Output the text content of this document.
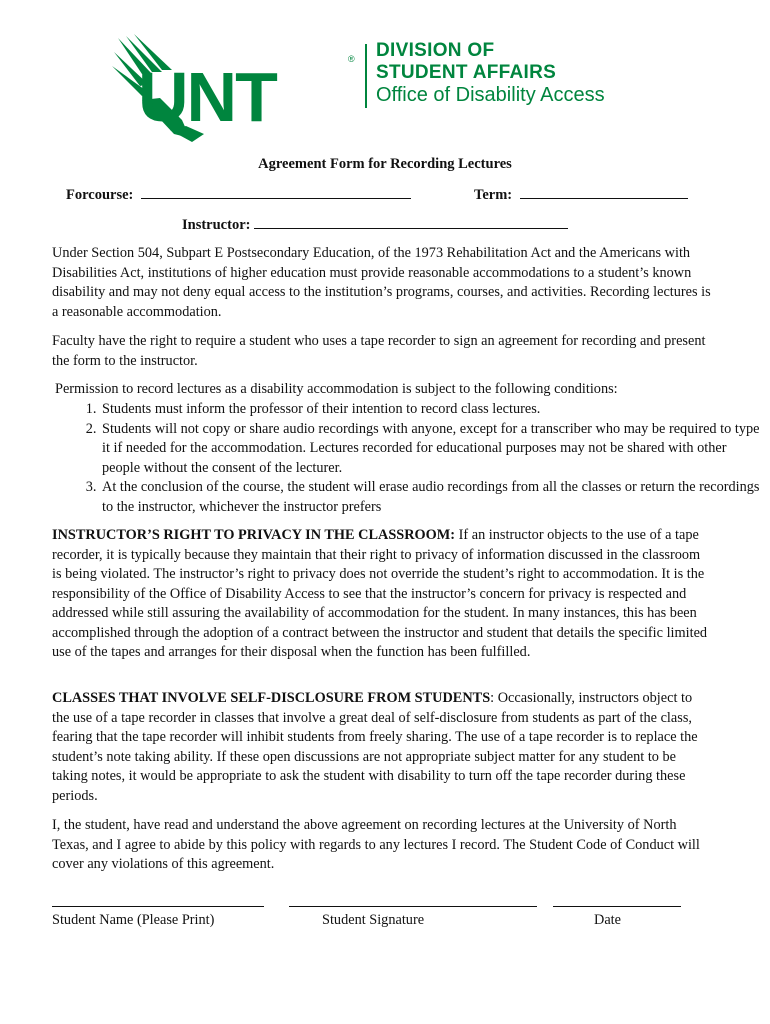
UNT	® DIVISION OF
STUDENT AFFAIRS
Office of Disability Access
Agreement Form for Recording Lectures
Forcourse:	Term:
Instructor:

Under Section 504, Subpart E Postsecondary Education, of the 1973 Rehabilitation Act and the Americans with Disabilities Act, institutions of higher education must provide reasonable accommodations to a student’s known disability and may not deny equal access to the institution’s programs, courses, and activities. Recording lectures is a reasonable accommodation.

Faculty have the right to require a student who uses a tape recorder to sign an agreement for recording and present the form to the instructor.

Permission to record lectures as a disability accommodation is subject to the following conditions:

1. Students must inform the professor of their intention to record class lectures.
2. Students will not copy or share audio recordings with anyone, except for a transcriber who may be required to type it if needed for the accommodation. Lectures recorded for educational purposes may not be shared with other people without the consent of the lecturer.
3. At the conclusion of the course, the student will erase audio recordings from all the classes or return the recordings to the instructor, whichever the instructor prefers

INSTRUCTOR’S RIGHT TO PRIVACY IN THE CLASSROOM: If an instructor objects to the use of a tape recorder, it is typically because they maintain that their right to privacy of information discussed in the classroom is being violated. The instructor’s right to privacy does not override the student’s right to accommodation. It is the responsibility of the Office of Disability Access to see that the instructor’s concern for privacy is respected and addressed while still assuring the availability of accommodation for the student. In many instances, this has been accomplished through the adoption of a contract between the instructor and student that details the specific limited use of the tapes and arranges for their disposal when the function has been fulfilled.

CLASSES THAT INVOLVE SELF-DISCLOSURE FROM STUDENTS: Occasionally, instructors object to the use of a tape recorder in classes that involve a great deal of self-disclosure from students as part of the class, fearing that the tape recorder will inhibit students from freely sharing. The use of a tape recorder is to replace the student’s note taking ability. If these open discussions are not appropriate subject matter for any student to be taking notes, it would be appropriate to ask the student with disability to turn off the tape recorder during these periods.

I, the student, have read and understand the above agreement on recording lectures at the University of North Texas, and I agree to abide by this policy with regards to any lectures I record. The Student Code of Conduct will cover any violations of this agreement.

Student Name (Please Print)	Student Signature	Date
